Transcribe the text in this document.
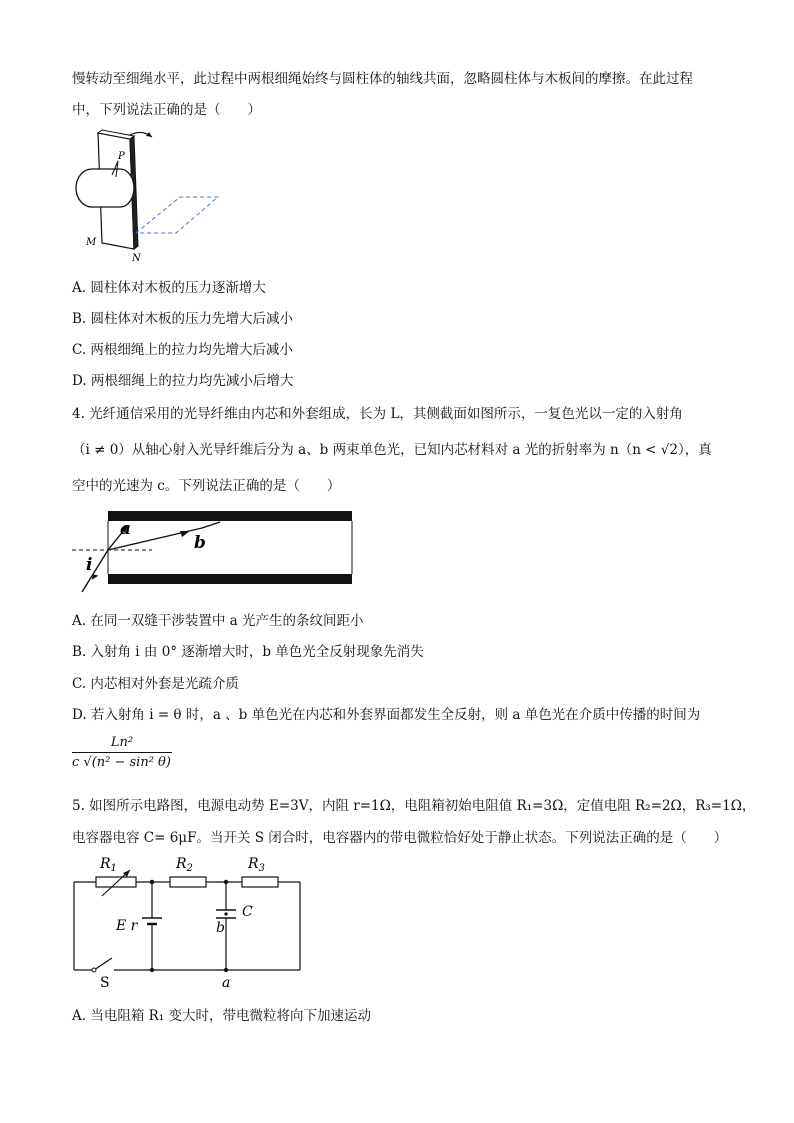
慢转动至细绳水平，此过程中两根细绳始终与圆柱体的轴线共面，忽略圆柱体与木板间的摩擦。在此过程
中，下列说法正确的是（　　）
P
M
N
A. 圆柱体对木板的压力逐渐增大
B. 圆柱体对木板的压力先增大后减小
C. 两根细绳上的拉力均先增大后减小
D. 两根细绳上的拉力均先减小后增大
4. 光纤通信采用的光导纤维由内芯和外套组成，长为 L，其侧截面如图所示，一复色光以一定的入射角
（i ≠ 0）从轴心射入光导纤维后分为 a、b 两束单色光，已知内芯材料对 a 光的折射率为 n（n < √2），真
空中的光速为 c。下列说法正确的是（　　）
a
b
i
A. 在同一双缝干涉装置中 a 光产生的条纹间距小
B. 入射角 i 由 0° 逐渐增大时，b 单色光全反射现象先消失
C. 内芯相对外套是光疏介质
D. 若入射角 i = θ 时，a 、b 单色光在内芯和外套界面都发生全反射，则 a 单色光在介质中传播的时间为
Ln²
c √(n² − sin² θ)
5. 如图所示电路图，电源电动势 E=3V，内阻 r=1Ω，电阻箱初始电阻值 R₁=3Ω，定值电阻 R₂=2Ω，R₃=1Ω，
电容器电容 C= 6μF。当开关 S 闭合时，电容器内的带电微粒恰好处于静止状态。下列说法正确的是（　　）
$R_1$	$R_2$	$R_3$
E r
C
b
a
S
A. 当电阻箱 R₁ 变大时，带电微粒将向下加速运动
